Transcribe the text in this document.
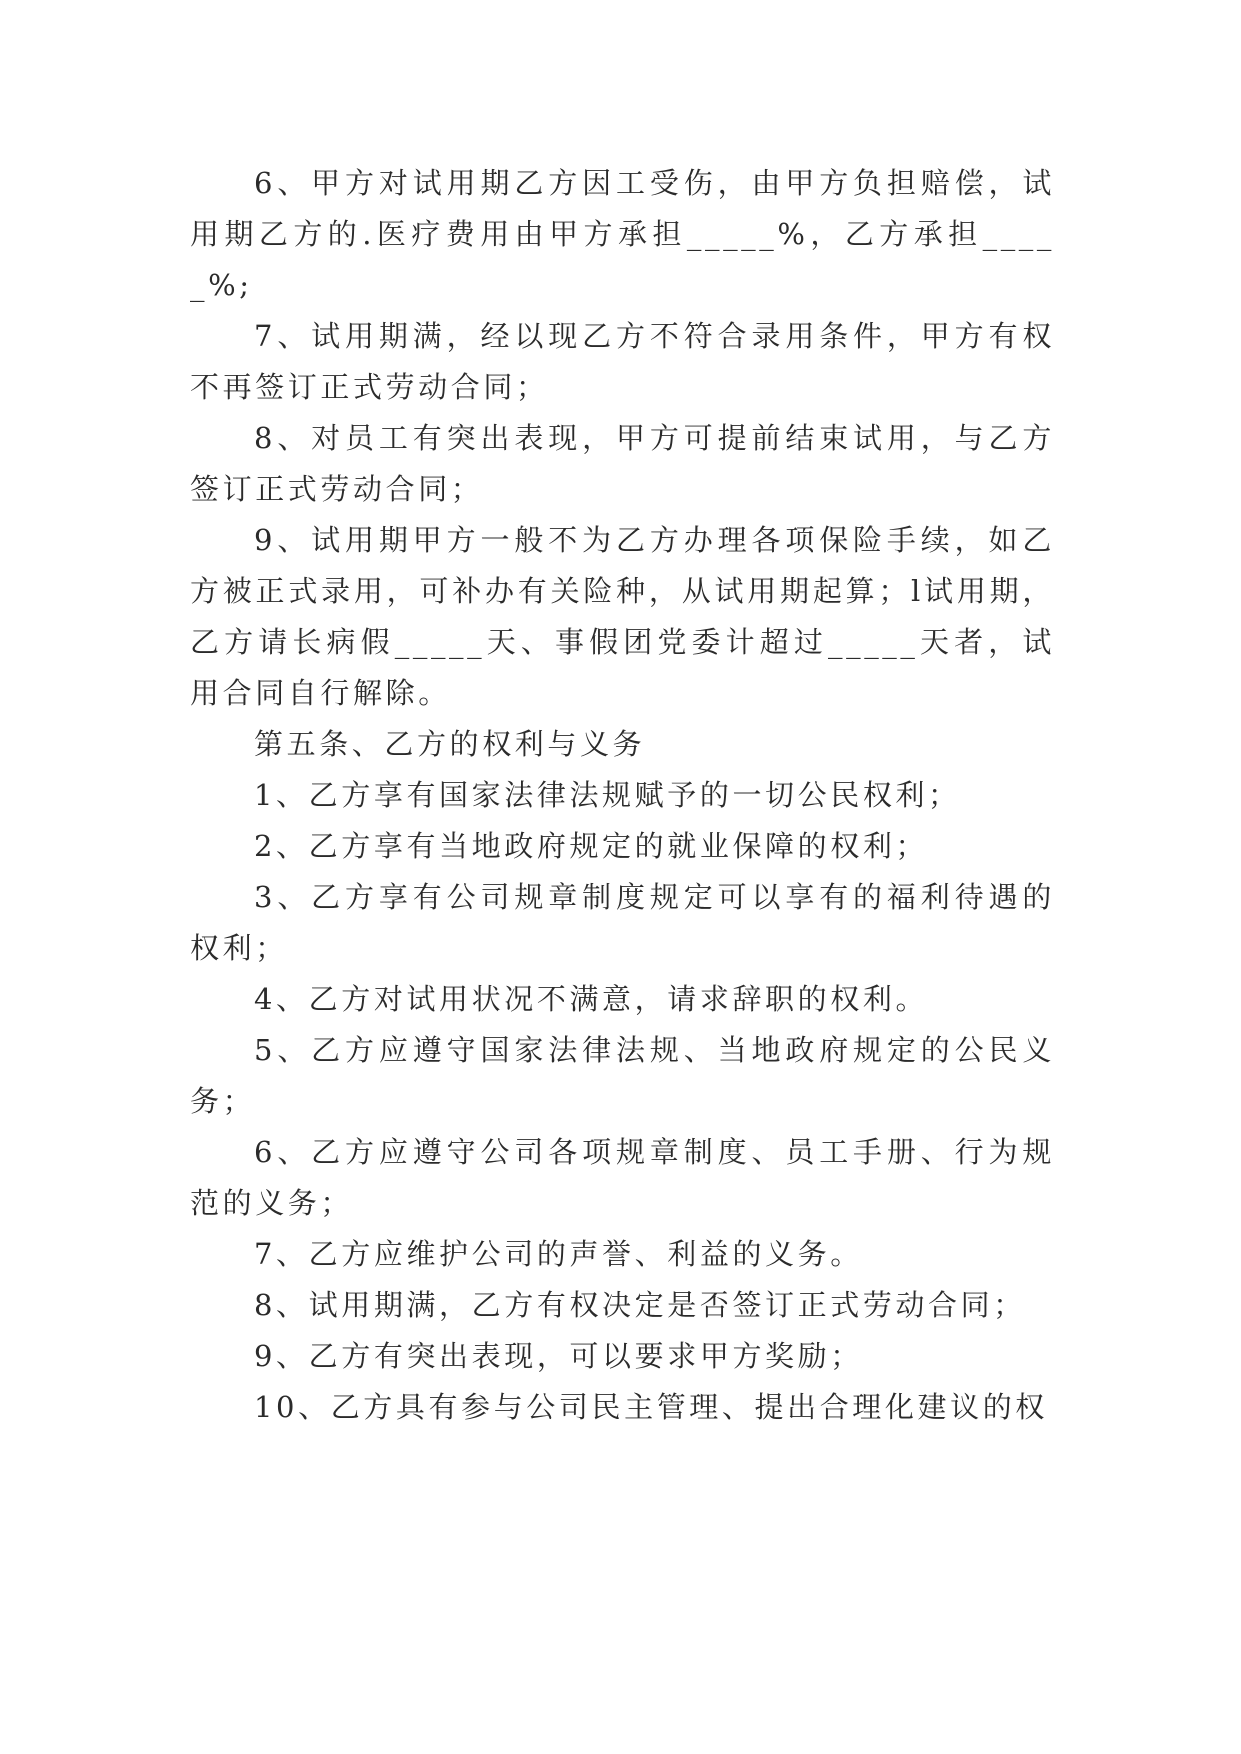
6、甲方对试用期乙方因工受伤，由甲方负担赔偿，试用期乙方的.医疗费用由甲方承担_____%，乙方承担_____%;

7、试用期满，经以现乙方不符合录用条件，甲方有权不再签订正式劳动合同；

8、对员工有突出表现，甲方可提前结束试用，与乙方签订正式劳动合同；

9、试用期甲方一般不为乙方办理各项保险手续，如乙方被正式录用，可补办有关险种，从试用期起算；l试用期，乙方请长病假_____天、事假团党委计超过_____天者，试用合同自行解除。

第五条、乙方的权利与义务

1、乙方享有国家法律法规赋予的一切公民权利；

2、乙方享有当地政府规定的就业保障的权利；

3、乙方享有公司规章制度规定可以享有的福利待遇的权利；

4、乙方对试用状况不满意，请求辞职的权利。

5、乙方应遵守国家法律法规、当地政府规定的公民义务；

6、乙方应遵守公司各项规章制度、员工手册、行为规范的义务；

7、乙方应维护公司的声誉、利益的义务。

8、试用期满，乙方有权决定是否签订正式劳动合同；

9、乙方有突出表现，可以要求甲方奖励；

10、乙方具有参与公司民主管理、提出合理化建议的权
